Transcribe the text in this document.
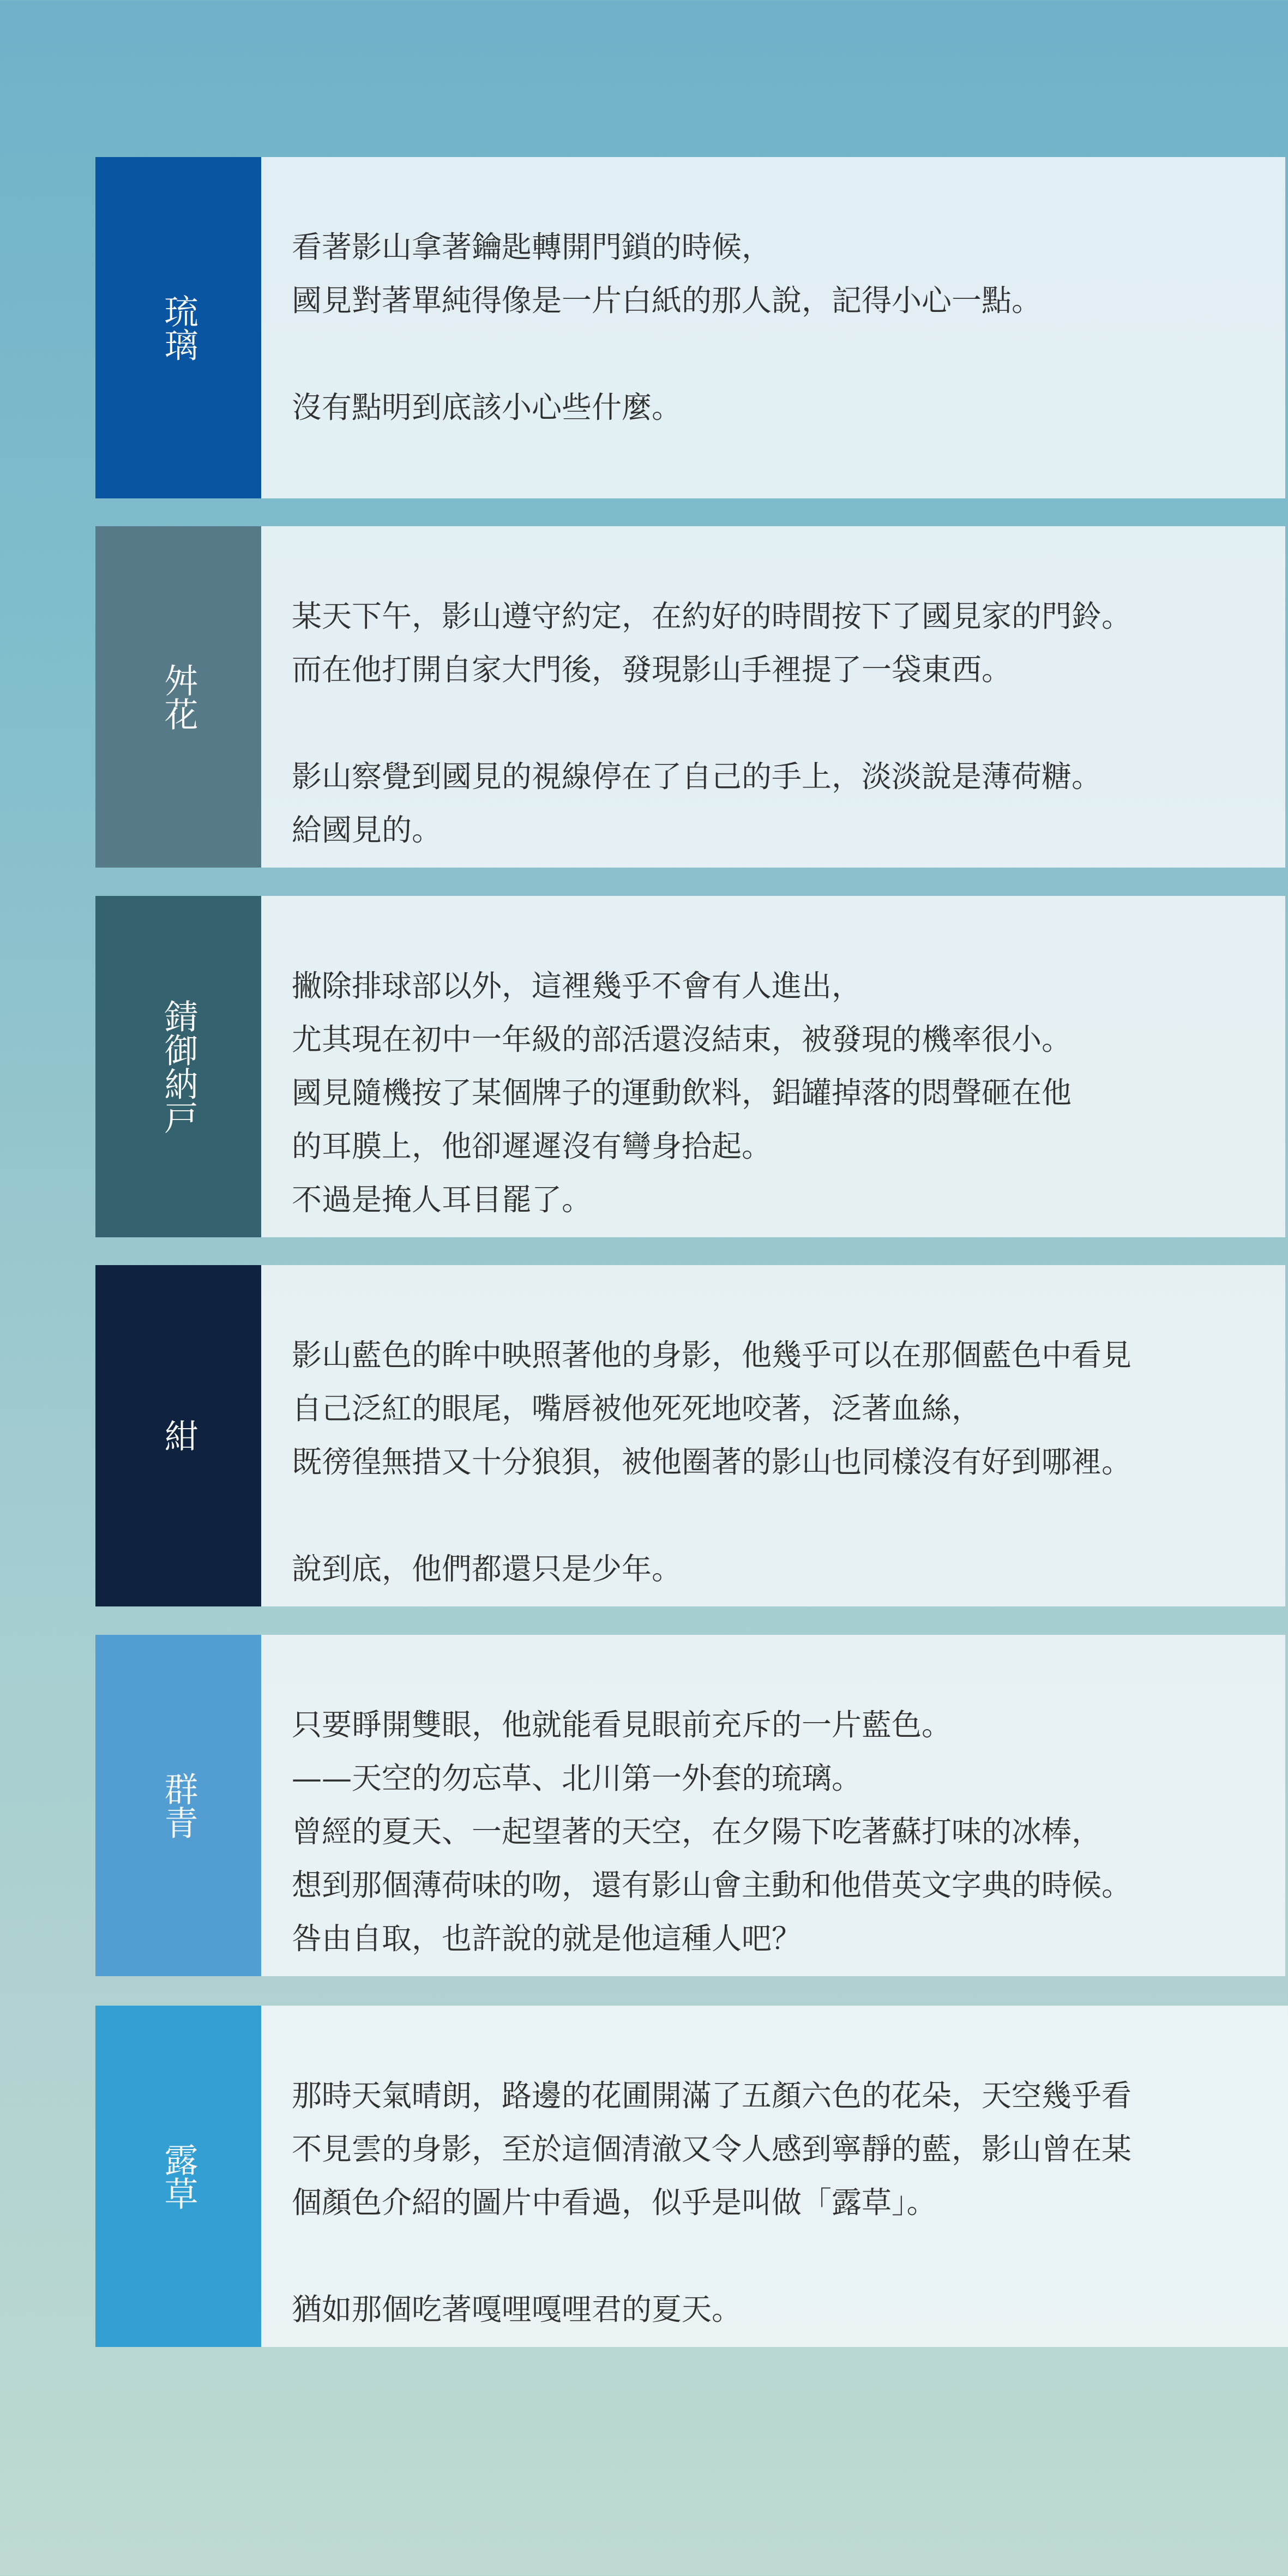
琉璃
看著影山拿著鑰匙轉開門鎖的時候，
國見對著單純得像是一片白紙的那人說，記得小心一點。
沒有點明到底該小心些什麼。
舛花
某天下午，影山遵守約定，在約好的時間按下了國見家的門鈴。
而在他打開自家大門後，發現影山手裡提了一袋東西。
影山察覺到國見的視線停在了自己的手上，淡淡說是薄荷糖。
給國見的。
錆御納戸
撇除排球部以外，這裡幾乎不會有人進出，
尤其現在初中一年級的部活還沒結束，被發現的機率很小。
國見隨機按了某個牌子的運動飲料，鋁罐掉落的悶聲砸在他
的耳膜上，他卻遲遲沒有彎身拾起。
不過是掩人耳目罷了。
紺
影山藍色的眸中映照著他的身影，他幾乎可以在那個藍色中看見
自己泛紅的眼尾，嘴唇被他死死地咬著，泛著血絲，
既徬徨無措又十分狼狽，被他圈著的影山也同樣沒有好到哪裡。
說到底，他們都還只是少年。
群青
只要睜開雙眼，他就能看見眼前充斥的一片藍色。
——天空的勿忘草、北川第一外套的琉璃。
曾經的夏天、一起望著的天空，在夕陽下吃著蘇打味的冰棒，
想到那個薄荷味的吻，還有影山會主動和他借英文字典的時候。
咎由自取，也許說的就是他這種人吧？
露草
那時天氣晴朗，路邊的花圃開滿了五顏六色的花朵，天空幾乎看
不見雲的身影，至於這個清澈又令人感到寧靜的藍，影山曾在某
個顏色介紹的圖片中看過，似乎是叫做「露草」。
猶如那個吃著嘎哩嘎哩君的夏天。
